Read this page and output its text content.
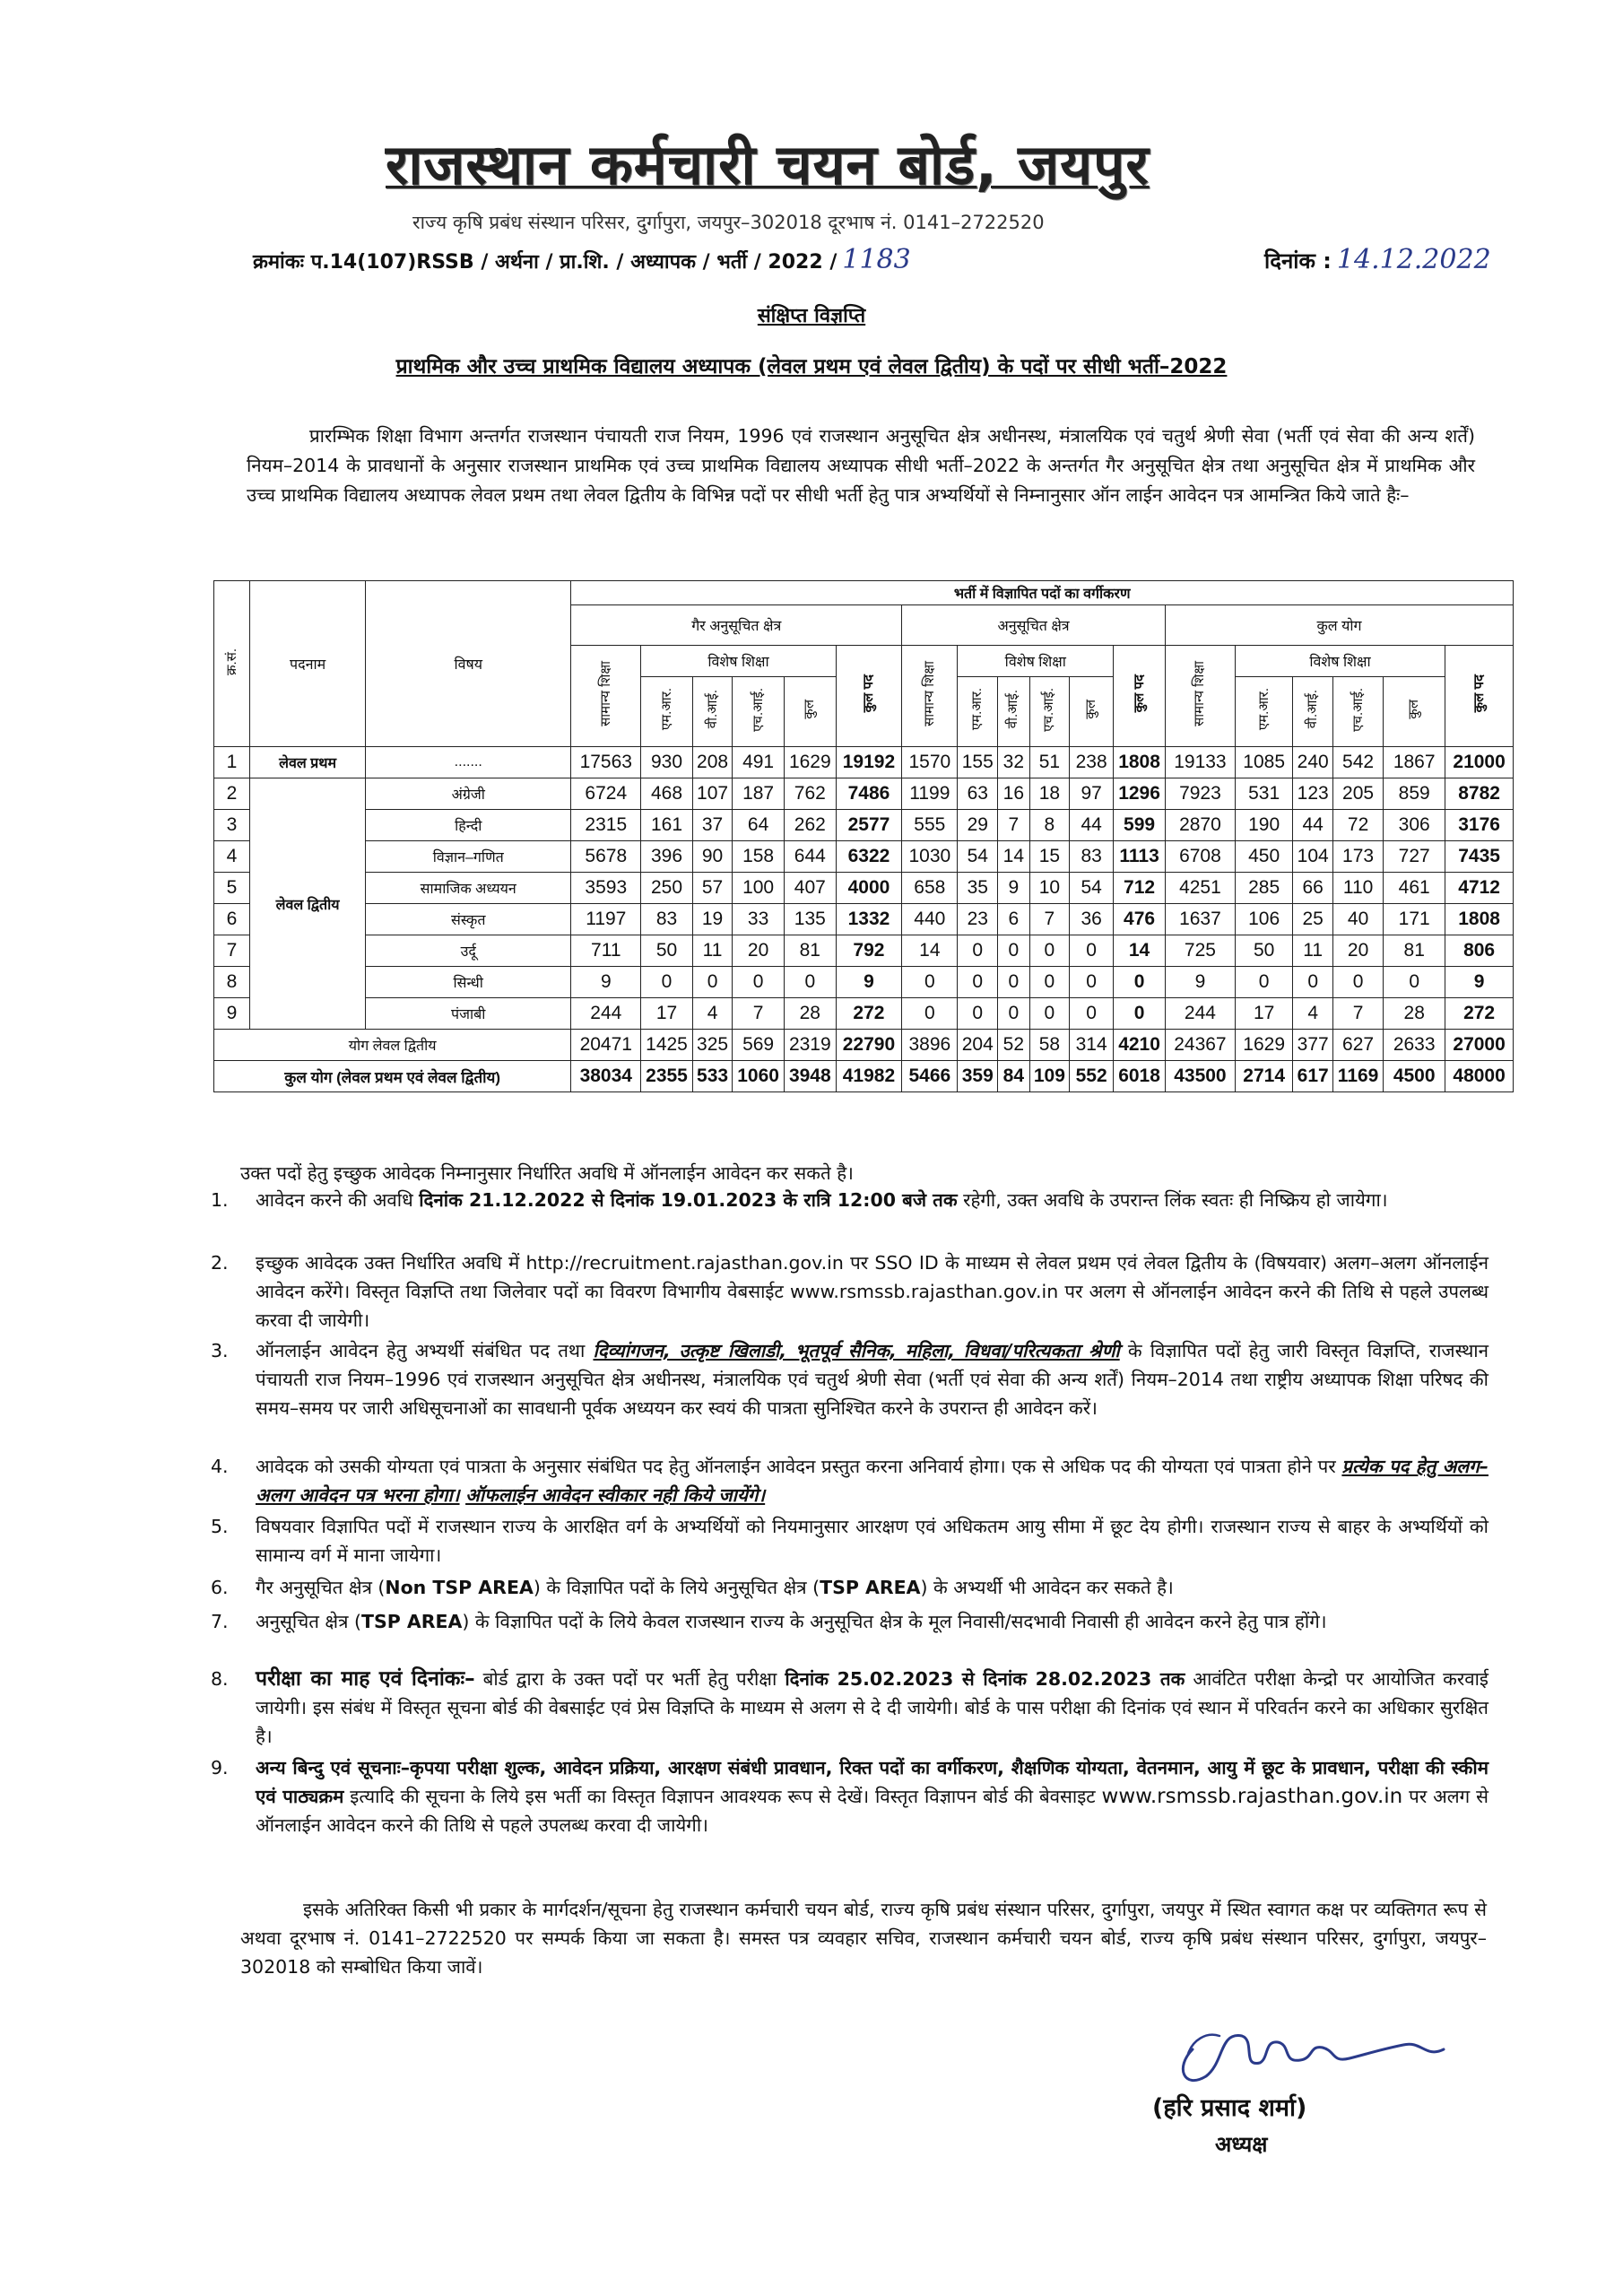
राजस्थान कर्मचारी चयन बोर्ड, जयपुर
राज्य कृषि प्रबंध संस्थान परिसर, दुर्गापुरा, जयपुर–302018 दूरभाष नं. 0141–2722520
क्रमांकः प.14(107)RSSB / अर्थना / प्रा.शि. / अध्यापक / भर्ती / 2022 / 1183	दिनांक : 14.12.2022
संक्षिप्त विज्ञप्ति
प्राथमिक और उच्च प्राथमिक विद्यालय अध्यापक (लेवल प्रथम एवं लेवल द्वितीय) के पदों पर सीधी भर्ती–2022
प्रारम्भिक शिक्षा विभाग अन्तर्गत राजस्थान पंचायती राज नियम, 1996 एवं राजस्थान अनुसूचित क्षेत्र अधीनस्थ, मंत्रालयिक एवं चतुर्थ श्रेणी सेवा (भर्ती एवं सेवा की अन्य शर्तें) नियम–2014 के प्रावधानों के अनुसार राजस्थान प्राथमिक एवं उच्च प्राथमिक विद्यालय अध्यापक सीधी भर्ती–2022 के अन्तर्गत गैर अनुसूचित क्षेत्र तथा अनुसूचित क्षेत्र में प्राथमिक और उच्च प्राथमिक विद्यालय अध्यापक लेवल प्रथम तथा लेवल द्वितीय के विभिन्न पदों पर सीधी भर्ती हेतु पात्र अभ्यर्थियों से निम्नानुसार ऑन लाईन आवेदन पत्र आमन्त्रित किये जाते हैः–
क्र.सं.	पदनाम	विषय	भर्ती में विज्ञापित पदों का वर्गीकरण																	
			गैर अनुसूचित क्षेत्र						अनुसूचित क्षेत्र						कुल योग					
			सामान्य शिक्षा	विशेष शिक्षा				कुल पद	सामान्य शिक्षा	विशेष शिक्षा				कुल पद	सामान्य शिक्षा	विशेष शिक्षा				कुल पद
				एम.आर.	वी.आई.	एच.आई.	कुल			एम.आर.	वी.आई.	एच.आई.	कुल			एम.आर.	वी.आई.	एच.आई.	कुल	
1	लेवल प्रथम	.......	17563	930	208	491	1629	19192	1570	155	32	51	238	1808	19133	1085	240	542	1867	21000
2	लेवल द्वितीय	अंग्रेजी	6724	468	107	187	762	7486	1199	63	16	18	97	1296	7923	531	123	205	859	8782
3		हिन्दी	2315	161	37	64	262	2577	555	29	7	8	44	599	2870	190	44	72	306	3176
4		विज्ञान–गणित	5678	396	90	158	644	6322	1030	54	14	15	83	1113	6708	450	104	173	727	7435
5		सामाजिक अध्ययन	3593	250	57	100	407	4000	658	35	9	10	54	712	4251	285	66	110	461	4712
6		संस्कृत	1197	83	19	33	135	1332	440	23	6	7	36	476	1637	106	25	40	171	1808
7		उर्दू	711	50	11	20	81	792	14	0	0	0	0	14	725	50	11	20	81	806
8		सिन्धी	9	0	0	0	0	9	0	0	0	0	0	0	9	0	0	0	0	9
9		पंजाबी	244	17	4	7	28	272	0	0	0	0	0	0	244	17	4	7	28	272
योग लेवल द्वितीय			20471	1425	325	569	2319	22790	3896	204	52	58	314	4210	24367	1629	377	627	2633	27000
कुल योग (लेवल प्रथम एवं लेवल द्वितीय)			38034	2355	533	1060	3948	41982	5466	359	84	109	552	6018	43500	2714	617	1169	4500	48000
उक्त पदों हेतु इच्छुक आवेदक निम्नानुसार निर्धारित अवधि में ऑनलाईन आवेदन कर सकते है।
1.	आवेदन करने की अवधि दिनांक 21.12.2022 से दिनांक 19.01.2023 के रात्रि 12:00 बजे तक रहेगी, उक्त अवधि के उपरान्त लिंक स्वतः ही निष्क्रिय हो जायेगा।
2.	इच्छुक आवेदक उक्त निर्धारित अवधि में http://recruitment.rajasthan.gov.in पर SSO ID के माध्यम से लेवल प्रथम एवं लेवल द्वितीय के (विषयवार) अलग–अलग ऑनलाईन आवेदन करेंगे। विस्तृत विज्ञप्ति तथा जिलेवार पदों का विवरण विभागीय वेबसाईट www.rsmssb.rajasthan.gov.in पर अलग से ऑनलाईन आवेदन करने की तिथि से पहले उपलब्ध करवा दी जायेगी।
3.	ऑनलाईन आवेदन हेतु अभ्यर्थी संबंधित पद तथा दिव्यांगजन, उत्कृष्ट खिलाडी, भूतपूर्व सैनिक, महिला, विधवा/परित्यकता श्रेणी के विज्ञापित पदों हेतु जारी विस्तृत विज्ञप्ति, राजस्थान पंचायती राज नियम–1996 एवं राजस्थान अनुसूचित क्षेत्र अधीनस्थ, मंत्रालयिक एवं चतुर्थ श्रेणी सेवा (भर्ती एवं सेवा की अन्य शर्तें) नियम–2014 तथा राष्ट्रीय अध्यापक शिक्षा परिषद की समय–समय पर जारी अधिसूचनाओं का सावधानी पूर्वक अध्ययन कर स्वयं की पात्रता सुनिश्चित करने के उपरान्त ही आवेदन करें।
4.	आवेदक को उसकी योग्यता एवं पात्रता के अनुसार संबंधित पद हेतु ऑनलाईन आवेदन प्रस्तुत करना अनिवार्य होगा। एक से अधिक पद की योग्यता एवं पात्रता होने पर प्रत्येक पद हेतु अलग–अलग आवेदन पत्र भरना होगा। ऑफलाईन आवेदन स्वीकार नही किये जायेंगे।
5.	विषयवार विज्ञापित पदों में राजस्थान राज्य के आरक्षित वर्ग के अभ्यर्थियों को नियमानुसार आरक्षण एवं अधिकतम आयु सीमा में छूट देय होगी। राजस्थान राज्य से बाहर के अभ्यर्थियों को सामान्य वर्ग में माना जायेगा।
6.	गैर अनुसूचित क्षेत्र (Non TSP AREA) के विज्ञापित पदों के लिये अनुसूचित क्षेत्र (TSP AREA) के अभ्यर्थी भी आवेदन कर सकते है।
7.	अनुसूचित क्षेत्र (TSP AREA) के विज्ञापित पदों के लिये केवल राजस्थान राज्य के अनुसूचित क्षेत्र के मूल निवासी/सदभावी निवासी ही आवेदन करने हेतु पात्र होंगे।
8.	परीक्षा का माह एवं दिनांकः– बोर्ड द्वारा के उक्त पदों पर भर्ती हेतु परीक्षा दिनांक 25.02.2023 से दिनांक 28.02.2023 तक आवंटित परीक्षा केन्द्रो पर आयोजित करवाई जायेगी। इस संबंध में विस्तृत सूचना बोर्ड की वेबसाईट एवं प्रेस विज्ञप्ति के माध्यम से अलग से दे दी जायेगी। बोर्ड के पास परीक्षा की दिनांक एवं स्थान में परिवर्तन करने का अधिकार सुरक्षित है।
9.	अन्य बिन्दु एवं सूचनाः–कृपया परीक्षा शुल्क, आवेदन प्रक्रिया, आरक्षण संबंधी प्रावधान, रिक्त पदों का वर्गीकरण, शैक्षणिक योग्यता, वेतनमान, आयु में छूट के प्रावधान, परीक्षा की स्कीम एवं पाठ्यक्रम इत्यादि की सूचना के लिये इस भर्ती का विस्तृत विज्ञापन आवश्यक रूप से देखें। विस्तृत विज्ञापन बोर्ड की बेवसाइट www.rsmssb.rajasthan.gov.in पर अलग से ऑनलाईन आवेदन करने की तिथि से पहले उपलब्ध करवा दी जायेगी।
इसके अतिरिक्त किसी भी प्रकार के मार्गदर्शन/सूचना हेतु राजस्थान कर्मचारी चयन बोर्ड, राज्य कृषि प्रबंध संस्थान परिसर, दुर्गापुरा, जयपुर में स्थित स्वागत कक्ष पर व्यक्तिगत रूप से अथवा दूरभाष नं. 0141–2722520 पर सम्पर्क किया जा सकता है। समस्त पत्र व्यवहार सचिव, राजस्थान कर्मचारी चयन बोर्ड, राज्य कृषि प्रबंध संस्थान परिसर, दुर्गापुरा, जयपुर–302018 को सम्बोधित किया जावें।
(हरि प्रसाद शर्मा)
अध्यक्ष
